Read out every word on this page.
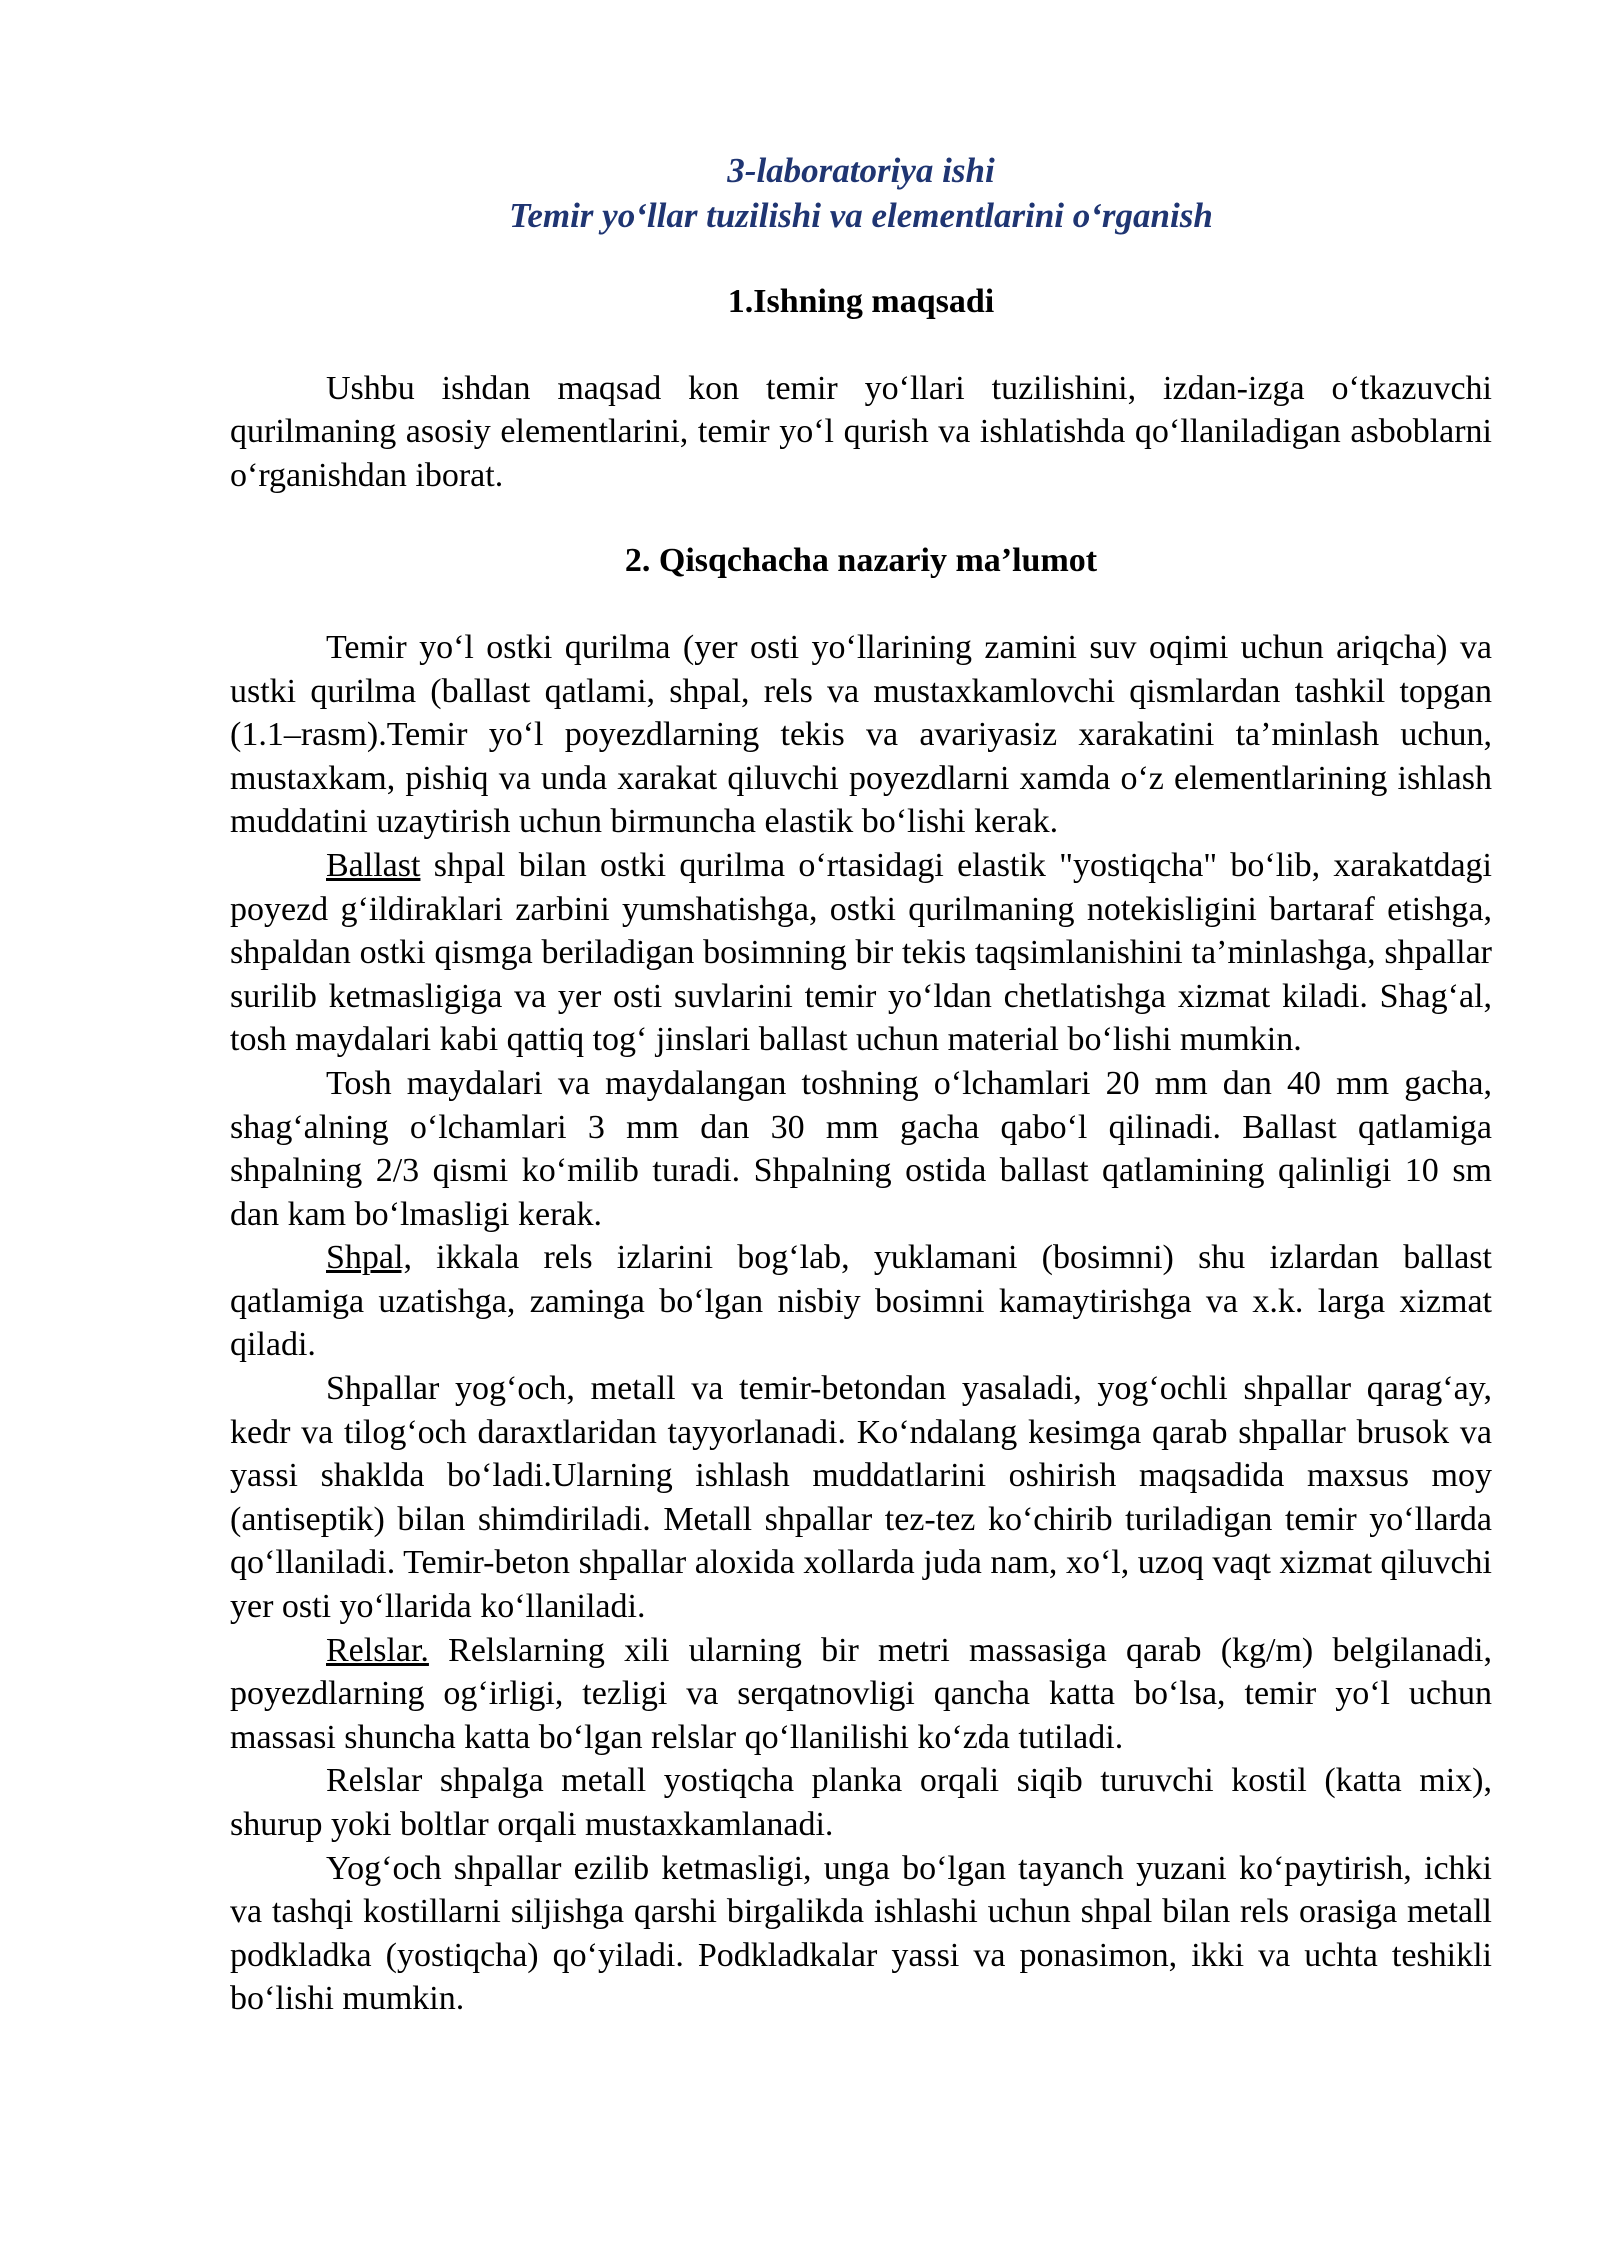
3-laboratoriya ishi
Temir yo‘llar tuzilishi va elementlarini o‘rganish

1.Ishning maqsadi

Ushbu ishdan maqsad kon temir yo‘llari tuzilishini, izdan-izga o‘tkazuvchi qurilmaning asosiy elementlarini, temir yo‘l qurish va ishlatishda qo‘llaniladigan asboblarni o‘rganishdan iborat.

2. Qisqchacha nazariy ma’lumot

Temir yo‘l ostki qurilma (yer osti yo‘llarining zamini suv oqimi uchun ariqcha) va ustki qurilma (ballast qatlami, shpal, rels va mustaxkamlovchi qismlardan tashkil topgan (1.1–rasm).Temir yo‘l poyezdlarning tekis va avariyasiz xarakatini ta’minlash uchun, mustaxkam, pishiq va unda xarakat qiluvchi poyezdlarni xamda o‘z elementlarining ishlash muddatini uzaytirish uchun birmuncha elastik bo‘lishi kerak.

Ballast shpal bilan ostki qurilma o‘rtasidagi elastik "yostiqcha" bo‘lib, xarakatdagi poyezd g‘ildiraklari zarbini yumshatishga, ostki qurilmaning notekisligini bartaraf etishga, shpaldan ostki qismga beriladigan bosimning bir tekis taqsimlanishini ta’minlashga, shpallar surilib ketmasligiga va yer osti suvlarini temir yo‘ldan chetlatishga xizmat kiladi. Shag‘al, tosh maydalari kabi qattiq tog‘ jinslari ballast uchun material bo‘lishi mumkin.

Tosh maydalari va maydalangan toshning o‘lchamlari 20 mm dan 40 mm gacha, shag‘alning o‘lchamlari 3 mm dan 30 mm gacha qabo‘l qilinadi. Ballast qatlamiga shpalning 2/3 qismi ko‘milib turadi. Shpalning ostida ballast qatlamining qalinligi 10 sm dan kam bo‘lmasligi kerak.

Shpal, ikkala rels izlarini bog‘lab, yuklamani (bosimni) shu izlardan ballast qatlamiga uzatishga, zaminga bo‘lgan nisbiy bosimni kamaytirishga va x.k. larga xizmat qiladi.

Shpallar yog‘och, metall va temir-betondan yasaladi, yog‘ochli shpallar qarag‘ay, kedr va tilog‘och daraxtlaridan tayyorlanadi. Ko‘ndalang kesimga qarab shpallar brusok va yassi shaklda bo‘ladi.Ularning ishlash muddatlarini oshirish maqsadida maxsus moy (antiseptik) bilan shimdiriladi. Metall shpallar tez-tez ko‘chirib turiladigan temir yo‘llarda qo‘llaniladi. Temir-beton shpallar aloxida xollarda juda nam, xo‘l, uzoq vaqt xizmat qiluvchi yer osti yo‘llarida ko‘llaniladi.

Relslar. Relslarning xili ularning bir metri massasiga qarab (kg/m) belgilanadi, poyezdlarning og‘irligi, tezligi va serqatnovligi qancha katta bo‘lsa, temir yo‘l uchun massasi shuncha katta bo‘lgan relslar qo‘llanilishi ko‘zda tutiladi.

Relslar shpalga metall yostiqcha planka orqali siqib turuvchi kostil (katta mix), shurup yoki boltlar orqali mustaxkamlanadi.

Yog‘och shpallar ezilib ketmasligi, unga bo‘lgan tayanch yuzani ko‘paytirish, ichki va tashqi kostillarni siljishga qarshi birgalikda ishlashi uchun shpal bilan rels orasiga metall podkladka (yostiqcha) qo‘yiladi. Podkladkalar yassi va ponasimon, ikki va uchta teshikli bo‘lishi mumkin.
